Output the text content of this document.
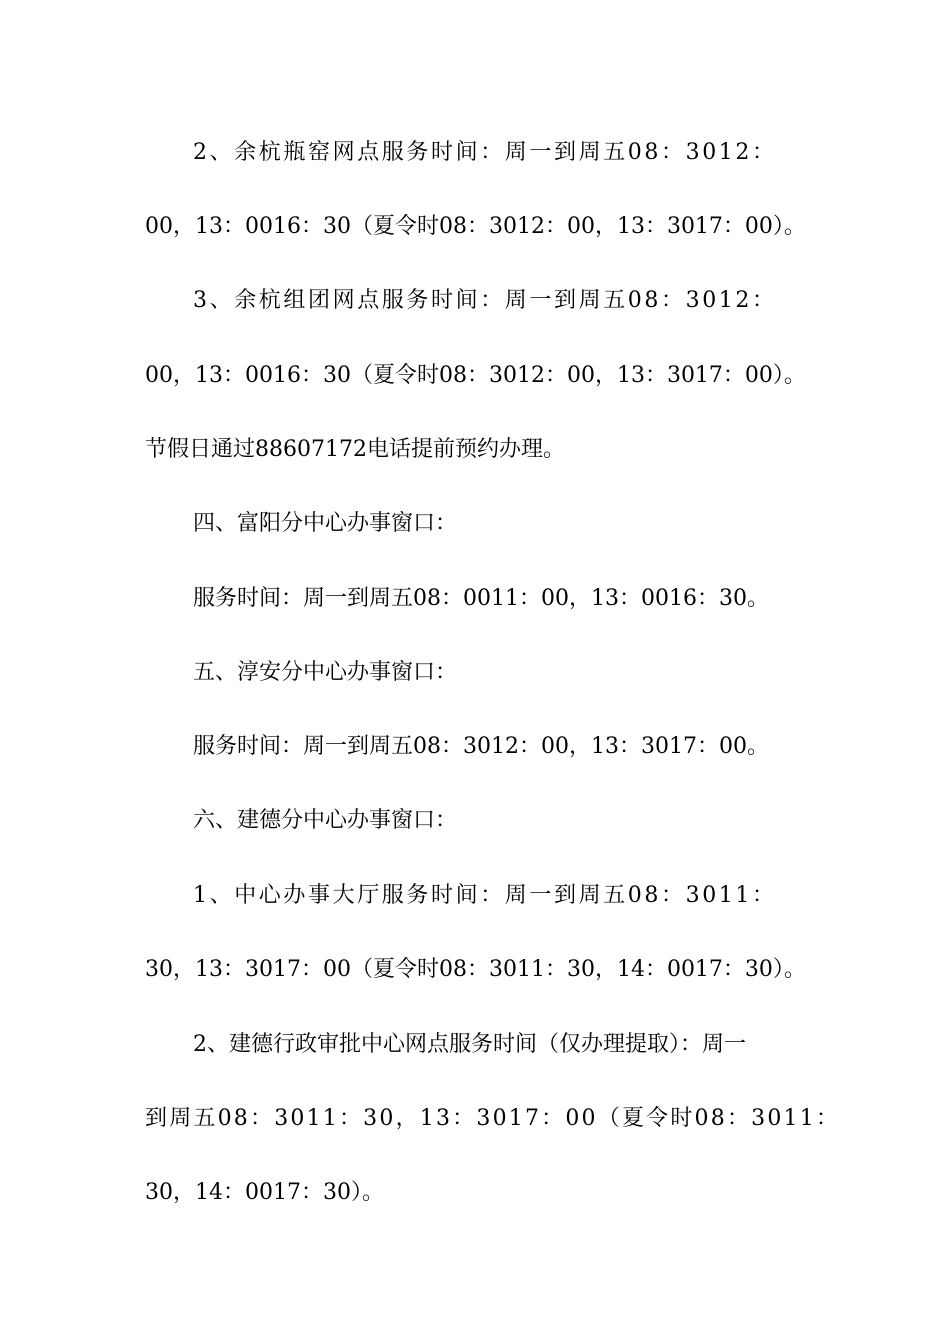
2、余杭瓶窑网点服务时间：周一到周五08：3012：
00，13：0016：30（夏令时08：3012：00，13：3017：00）。
3、余杭组团网点服务时间：周一到周五08：3012：
00，13：0016：30（夏令时08：3012：00，13：3017：00）。
节假日通过88607172电话提前预约办理。
四、富阳分中心办事窗口：
服务时间：周一到周五08：0011：00，13：0016：30。
五、淳安分中心办事窗口：
服务时间：周一到周五08：3012：00，13：3017：00。
六、建德分中心办事窗口：
1、中心办事大厅服务时间：周一到周五08：3011：
30，13：3017：00（夏令时08：3011：30，14：0017：30）。
2、建德行政审批中心网点服务时间（仅办理提取）：周一
到周五08：3011：30，13：3017：00（夏令时08：3011：
30，14：0017：30）。
